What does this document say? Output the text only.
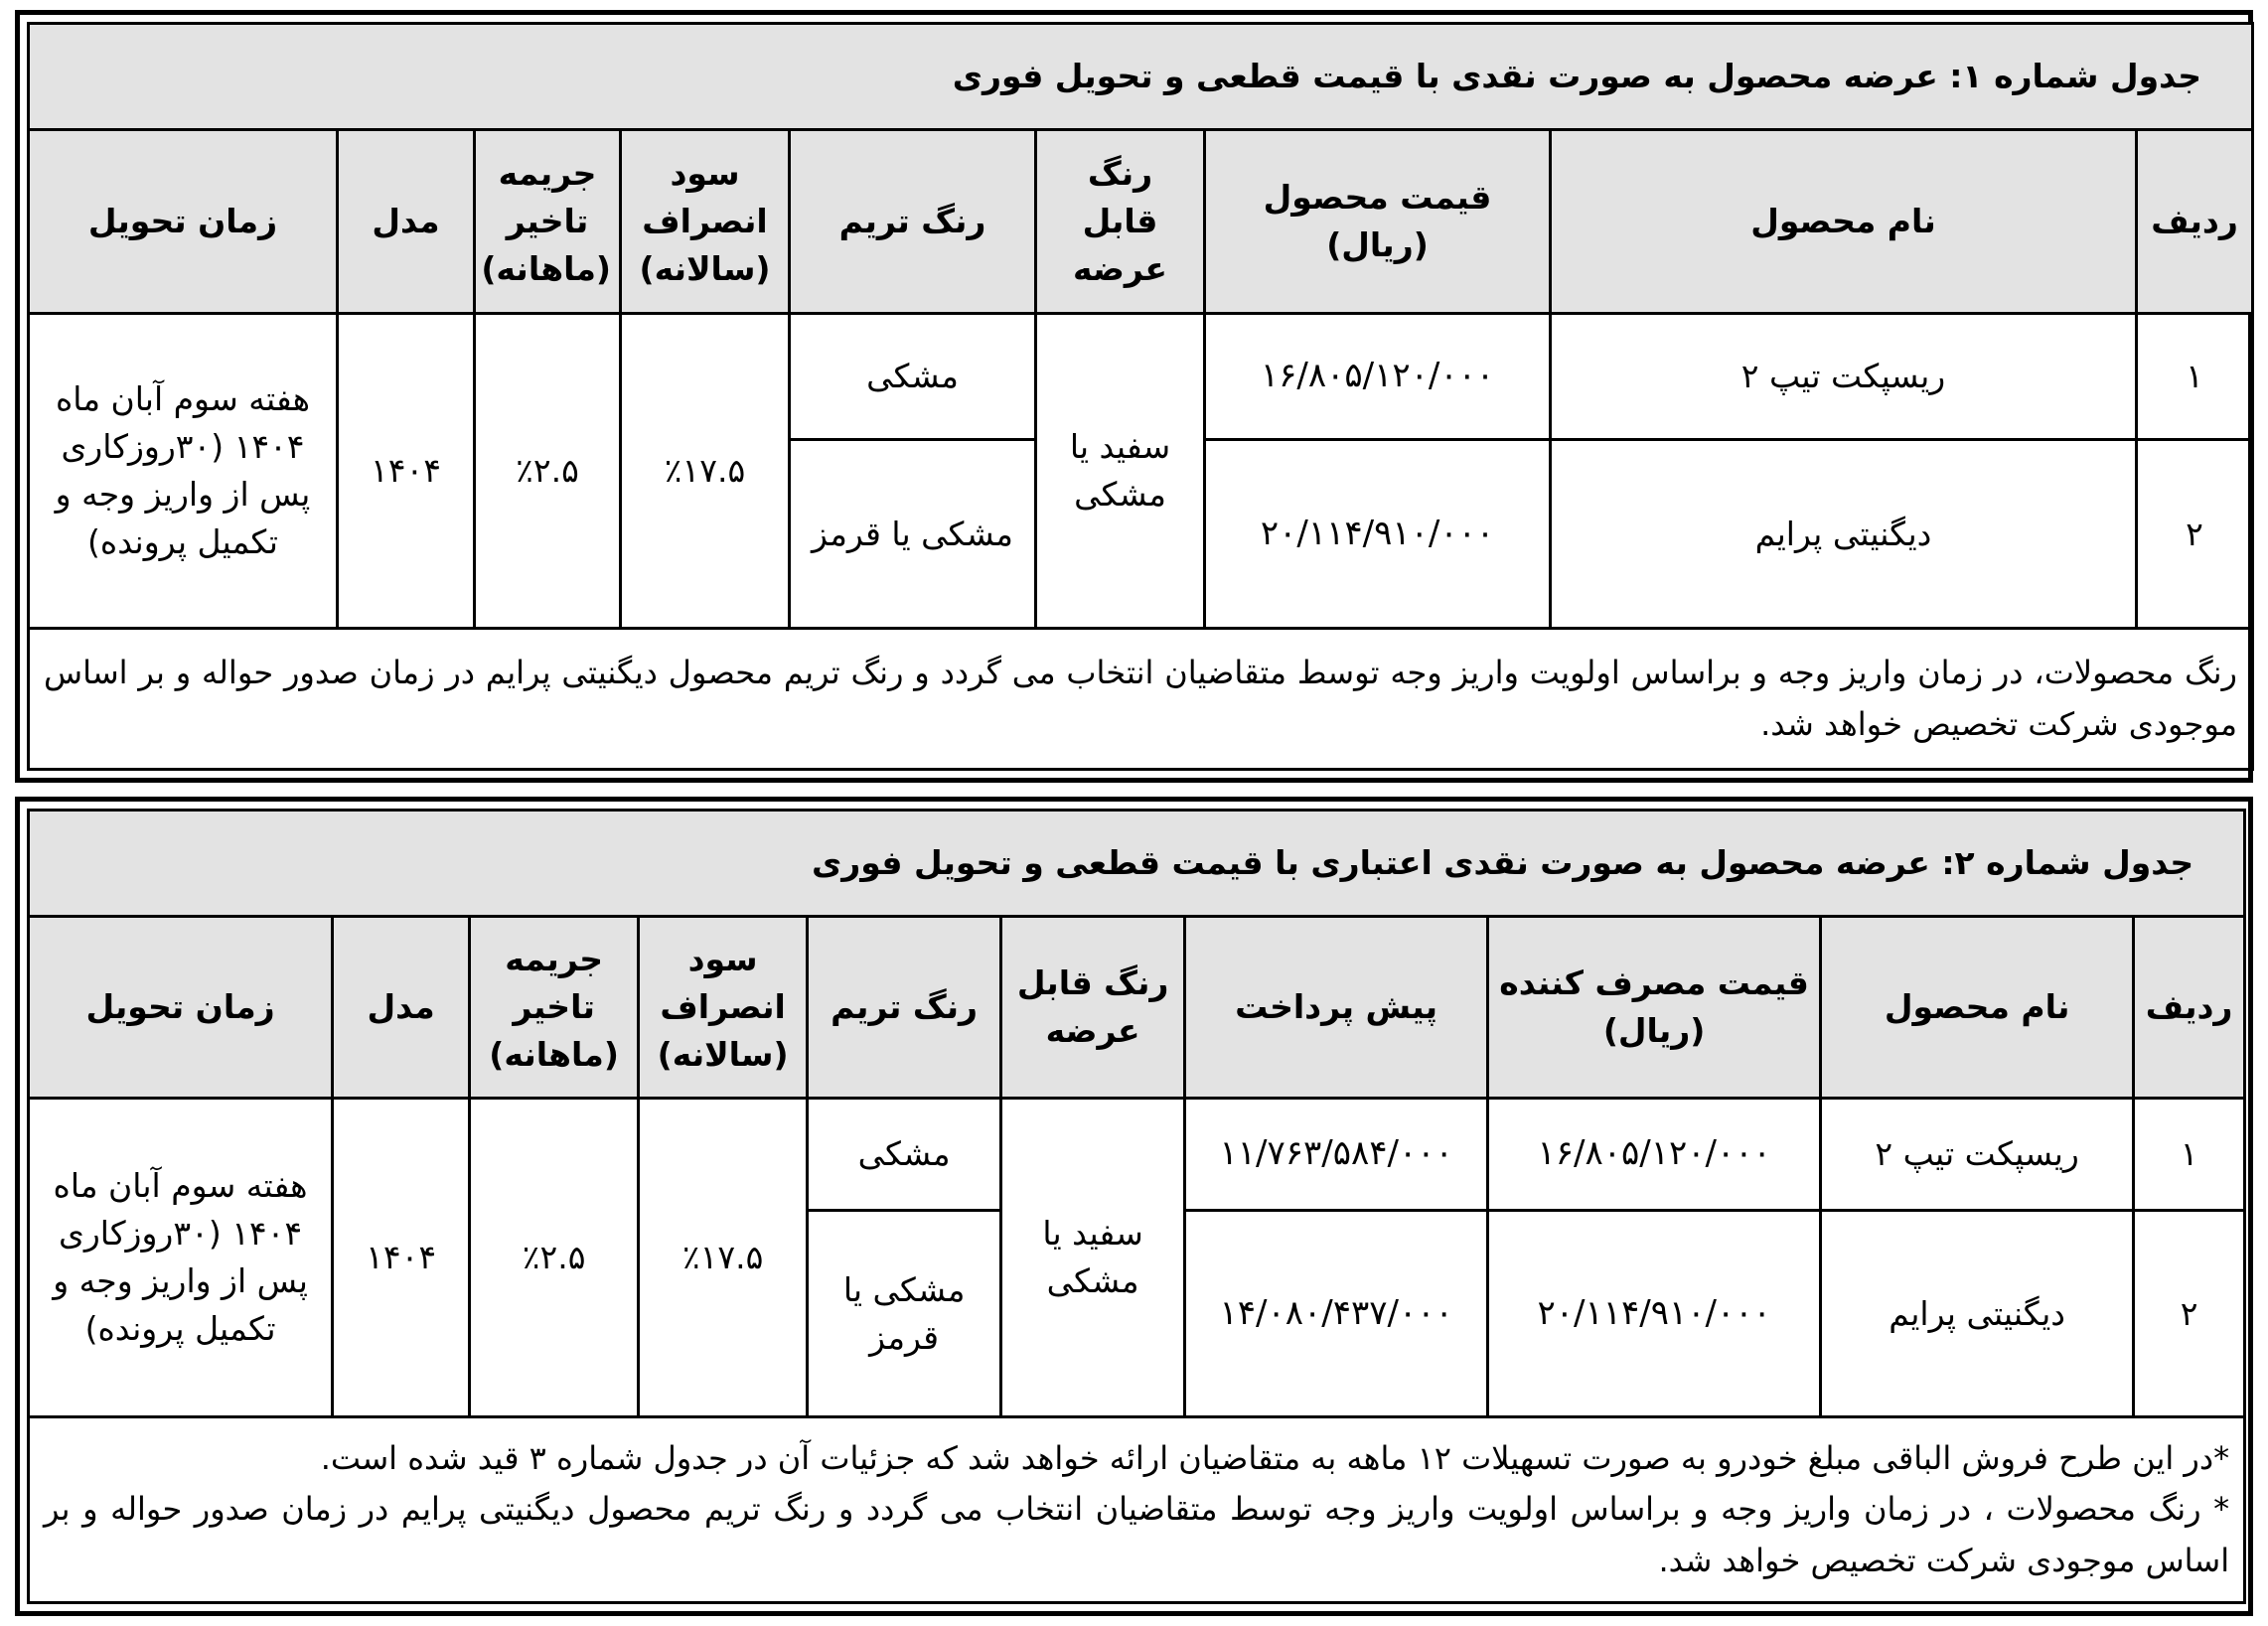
جدول شماره ۱: عرضه محصول به صورت نقدی با قیمت قطعی و تحویل فوری								
ردیف	نام محصول	قیمت محصول (ریال)	رنگ قابل عرضه	رنگ تریم	سود انصراف (سالانه)	جریمه تاخیر (ماهانه)	مدل	زمان تحویل
۱	ریسپکت تیپ ۲	۱۶/۸۰۵/۱۲۰/۰۰۰	سفید یا مشکی	مشکی	٪۱۷.۵	٪۲.۵	۱۴۰۴	هفته سوم آبان ماه ۱۴۰۴ (۳۰روزکاری پس از واریز وجه و تکمیل پرونده)
۲	دیگنیتی پرایم	۲۰/۱۱۴/۹۱۰/۰۰۰		مشکی یا قرمز				
رنگ محصولات، در زمان واریز وجه و براساس اولویت واریز وجه توسط متقاضیان انتخاب می گردد و رنگ تریم محصول دیگنیتی پرایم در زمان صدور حواله و بر اساس موجودی شرکت تخصیص خواهد شد.								
جدول شماره ۲: عرضه محصول به صورت نقدی اعتباری با قیمت قطعی و تحویل فوری									
ردیف	نام محصول	قیمت مصرف کننده (ریال)	پیش پرداخت	رنگ قابل عرضه	رنگ تریم	سود انصراف (سالانه)	جریمه تاخیر (ماهانه)	مدل	زمان تحویل
۱	ریسپکت تیپ ۲	۱۶/۸۰۵/۱۲۰/۰۰۰	۱۱/۷۶۳/۵۸۴/۰۰۰	سفید یا مشکی	مشکی	٪۱۷.۵	٪۲.۵	۱۴۰۴	هفته سوم آبان ماه ۱۴۰۴ (۳۰روزکاری پس از واریز وجه و تکمیل پرونده)
۲	دیگنیتی پرایم	۲۰/۱۱۴/۹۱۰/۰۰۰	۱۴/۰۸۰/۴۳۷/۰۰۰		مشکی یا قرمز				

*در این طرح فروش الباقی مبلغ خودرو به صورت تسهیلات ۱۲ ماهه به متقاضیان ارائه خواهد شد که جزئیات آن در جدول شماره ۳ قید شده است.
* رنگ محصولات ، در زمان واریز وجه و براساس اولویت واریز وجه توسط متقاضیان انتخاب می گردد و رنگ تریم محصول دیگنیتی پرایم در زمان صدور حواله و بر اساس موجودی شرکت تخصیص خواهد شد.									
